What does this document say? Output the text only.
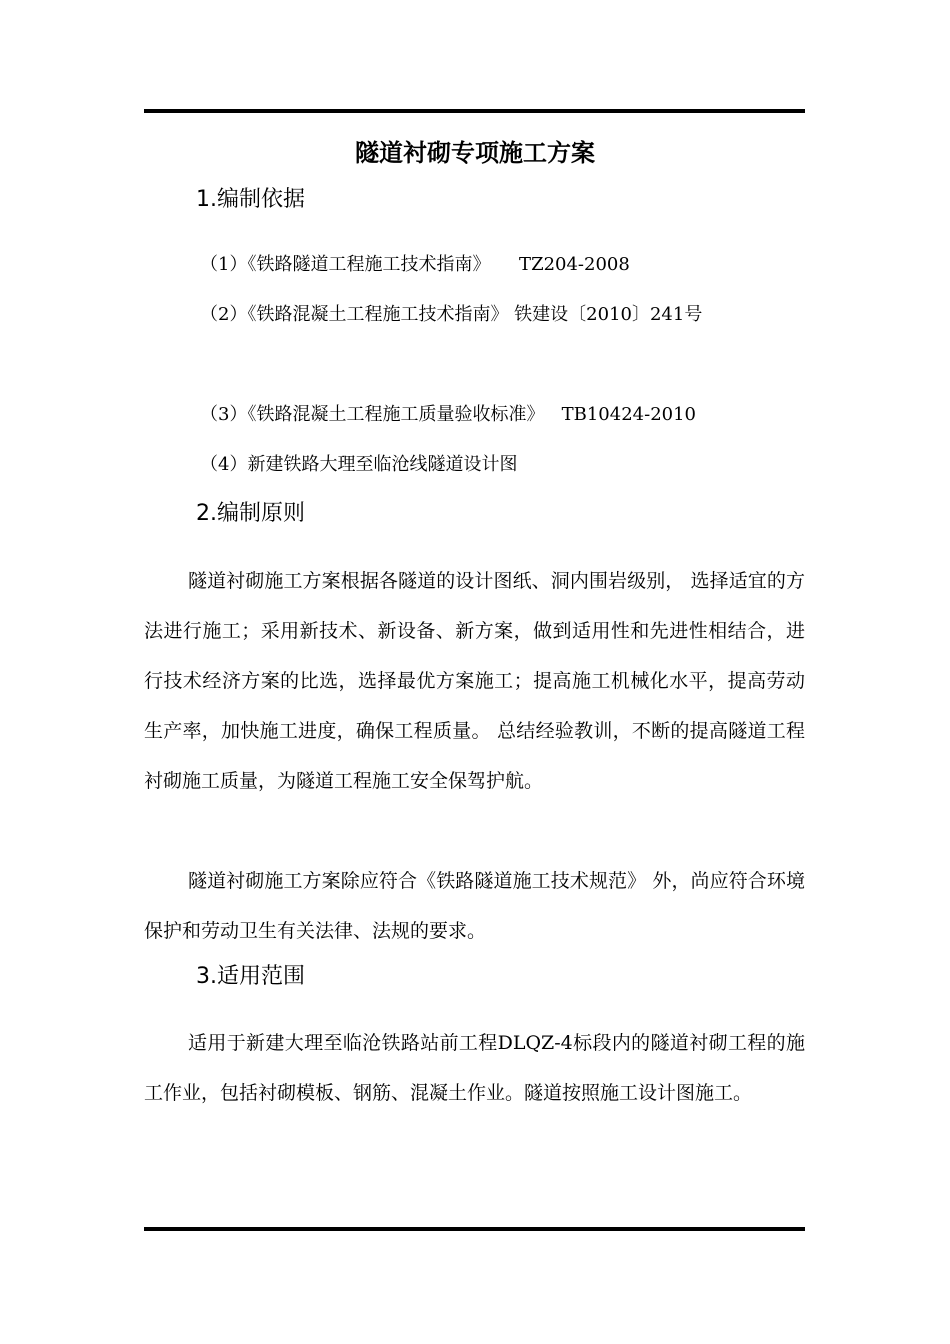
隧道衬砌专项施工方案
1.编制依据

（1）《铁路隧道工程施工技术指南》     TZ204-2008

（2）《铁路混凝土工程施工技术指南》 铁建设〔2010〕241号

（3）《铁路混凝土工程施工质量验收标准》   TB10424-2010

（4）新建铁路大理至临沧线隧道设计图

2.编制原则

隧道衬砌施工方案根据各隧道的设计图纸、洞内围岩级别， 选择适宜的方法进行施工；采用新技术、新设备、新方案，做到适用性和先进性相结合，进行技术经济方案的比选，选择最优方案施工；提高施工机械化水平，提高劳动生产率，加快施工进度，确保工程质量。 总结经验教训，不断的提高隧道工程衬砌施工质量，为隧道工程施工安全保驾护航。

隧道衬砌施工方案除应符合《铁路隧道施工技术规范》 外，尚应符合环境保护和劳动卫生有关法律、法规的要求。

3.适用范围

适用于新建大理至临沧铁路站前工程DLQZ-4标段内的隧道衬砌工程的施工作业，包括衬砌模板、钢筋、混凝土作业。隧道按照施工设计图施工。
